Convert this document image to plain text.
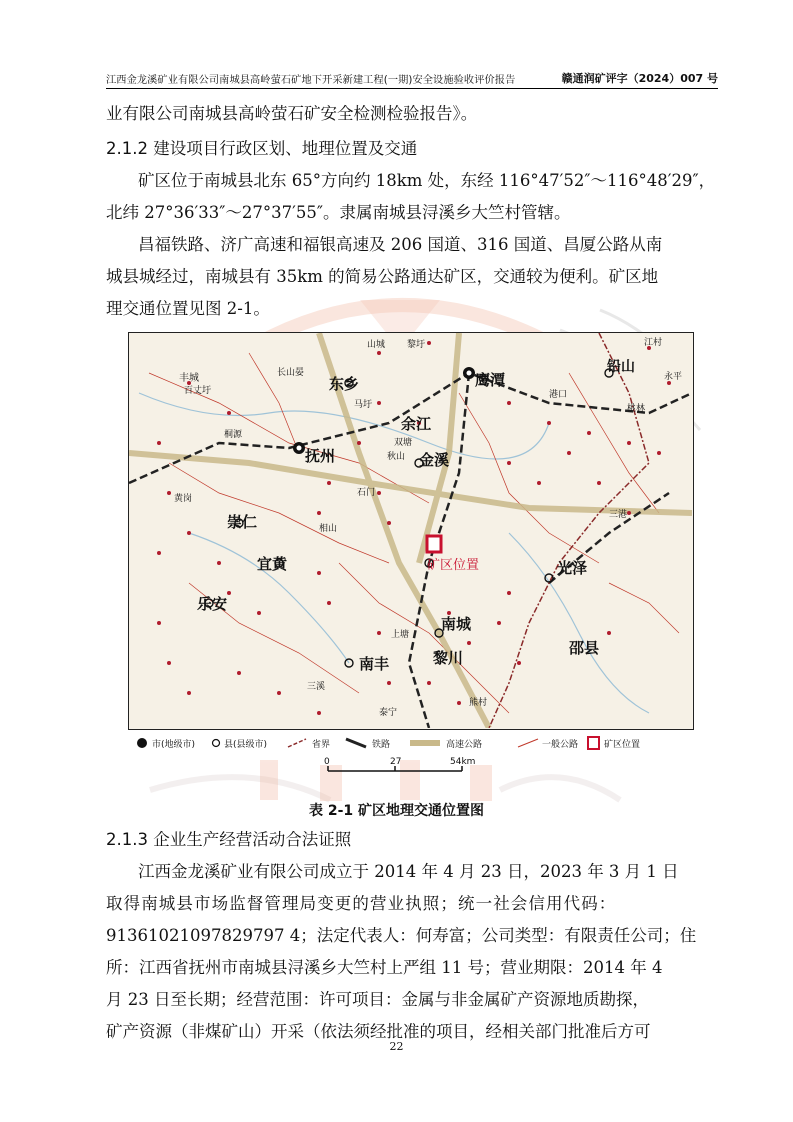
江西金龙溪矿业有限公司南城县高岭萤石矿地下开采新建工程(一期)安全设施验收评价报告	赣通润矿评字（2024）007 号
业有限公司南城县高岭萤石矿安全检测检验报告》。
2.1.2 建设项目行政区划、地理位置及交通
矿区位于南城县北东 65°方向约 18km 处，东经 116°47′52″～116°48′29″，
北纬 27°36′33″～27°37′55″。隶属南城县浔溪乡大竺村管辖。
昌福铁路、济广高速和福银高速及 206 国道、316 国道、昌厦公路从南
城县城经过，南城县有 35km 的简易公路通达矿区，交通较为便利。矿区地
理交通位置见图 2-1。
矿区位置
山城 黎圩	江村
铅山
永平
丰城
百丈圩
长山晏
东乡	鹰潭
马圩
余江
抚州	金溪
石门
崇仁
宜黄
乐安
南城
黎川
光泽
邵县
南丰
三溪
上塘
熊村
泰宁
桃林
港口
双塘
秋山
黄岗
桐源
相山
三港
市(地级市)	县(县级市)	省界	铁路	高速公路	一般公路	矿区位置
0	27	54km
表 2-1 矿区地理交通位置图
2.1.3 企业生产经营活动合法证照
江西金龙溪矿业有限公司成立于 2014 年 4 月 23 日，2023 年 3 月 1 日
取得南城县市场监督管理局变更的营业执照；统一社会信用代码：
91361021097829797 4；法定代表人：何寿富；公司类型：有限责任公司；住
所：江西省抚州市南城县浔溪乡大竺村上严组 11 号；营业期限：2014 年 4
月 23 日至长期；经营范围：许可项目：金属与非金属矿产资源地质勘探，
矿产资源（非煤矿山）开采（依法须经批准的项目，经相关部门批准后方可
22
